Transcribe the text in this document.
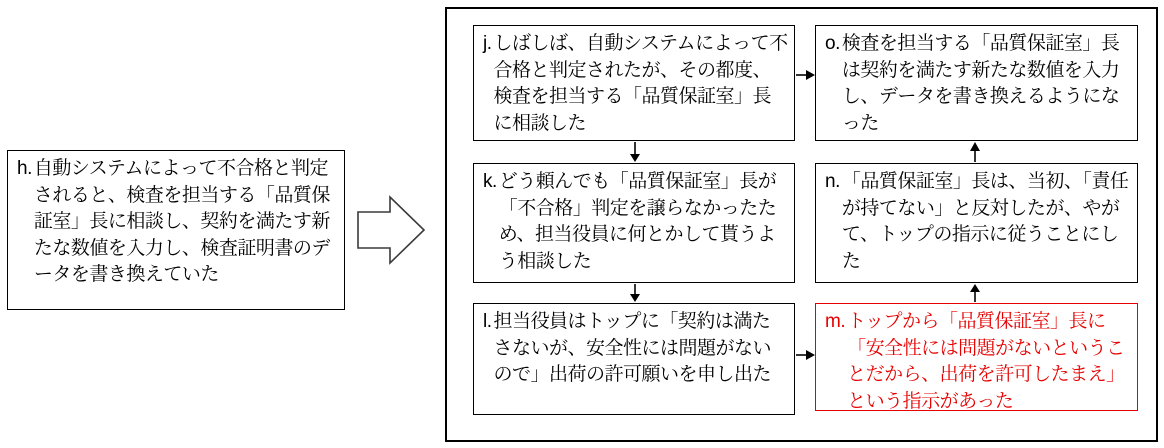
h. 自動システムによって不合格と判定されると、検査を担当する「品質保証室」長に相談し、契約を満たす新たな数値を入力し、検査証明書のデータを書き換えていた
j. しばしば、自動システムによって不合格と判定されたが、その都度、検査を担当する「品質保証室」長に相談した
k. どう頼んでも「品質保証室」長が「不合格」判定を譲らなかったため、担当役員に何とかして貰うよう相談した
l. 担当役員はトップに「契約は満たさないが、安全性には問題がないので」出荷の許可願いを申し出た
o. 検査を担当する「品質保証室」長は契約を満たす新たな数値を入力し、データを書き換えるようになった
n. 「品質保証室」長は、当初、「責任が持てない」と反対したが、やがて、トップの指示に従うことにした
m. トップから「品質保証室」長に「安全性には問題がないということだから、出荷を許可したまえ」という指示があった
